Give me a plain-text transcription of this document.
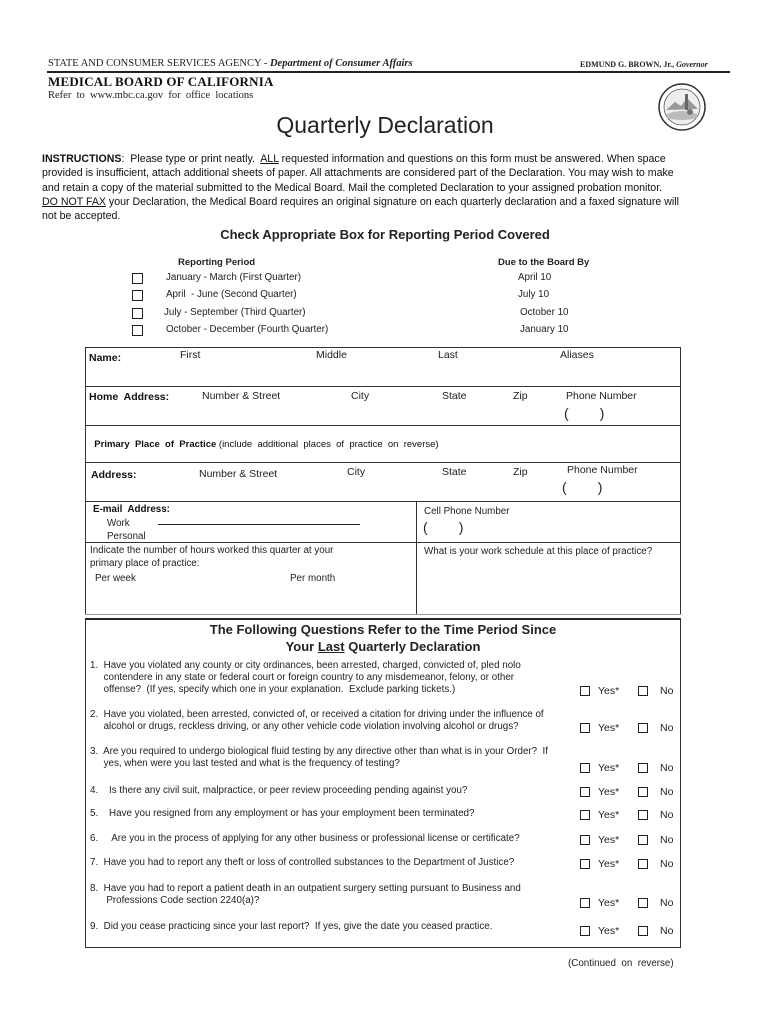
STATE AND CONSUMER SERVICES AGENCY - Department of Consumer Affairs	EDMUND G. BROWN, Jr., Governor
MEDICAL BOARD OF CALIFORNIA
Refer  to  www.mbc.ca.gov  for  office  locations
Quarterly Declaration
INSTRUCTIONS:  Please type or print neatly.  ALL requested information and questions on this form must be answered. When space
provided is insufficient, attach additional sheets of paper. All attachments are considered part of the Declaration. You may wish to make
and retain a copy of the material submitted to the Medical Board. Mail the completed Declaration to your assigned probation monitor.
DO NOT FAX your Declaration, the Medical Board requires an original signature on each quarterly declaration and a faxed signature will
not be accepted.
Check Appropriate Box for Reporting Period Covered
Reporting Period	Due to the Board By
January - March (First Quarter)	April 10
April  - June (Second Quarter)	July 10
July - September (Third Quarter)	October 10
October - December (Fourth Quarter)	January 10
Name:	First	Middle	Last	Aliases
Home  Address:	Number & Street	City	State	Zip	Phone Number
(        )

Primary  Place  of  Practice (include  additional  places  of  practice  on  reverse)

Address:	Number & Street	City	State	Zip	Phone Number
(        )
E-mail  Address:
Work
Personal
Cell Phone Number
(        )
Indicate the number of hours worked this quarter at your
primary place of practice:
Per week	Per month
What is your work schedule at this place of practice?
The Following Questions Refer to the Time Period Since
Your Last Quarterly Declaration
1.  Have you violated any county or city ordinances, been arrested, charged, convicted of, pled nolo
contendere in any state or federal court or foreign country to any misdemeanor, felony, or other
offense?  (If yes, specify which one in your explanation.  Exclude parking tickets.)	Yes*	No
2.  Have you violated, been arrested, convicted of, or received a citation for driving under the influence of
alcohol or drugs, reckless driving, or any other vehicle code violation involving alcohol or drugs?	Yes*	No
3.  Are you required to undergo biological fluid testing by any directive other than what is in your Order?  If
yes, when were you last tested and what is the frequency of testing?	Yes*	No
4.    Is there any civil suit, malpractice, or peer review proceeding pending against you?	Yes*	No
5.    Have you resigned from any employment or has your employment been terminated?	Yes*	No
6.     Are you in the process of applying for any other business or professional license or certificate?	Yes*	No
7.  Have you had to report any theft or loss of controlled substances to the Department of Justice?	Yes*	No
8.  Have you had to report a patient death in an outpatient surgery setting pursuant to Business and
Professions Code section 2240(a)?	Yes*	No
9.  Did you cease practicing since your last report?  If yes, give the date you ceased practice.	Yes*	No
(Continued  on  reverse)
